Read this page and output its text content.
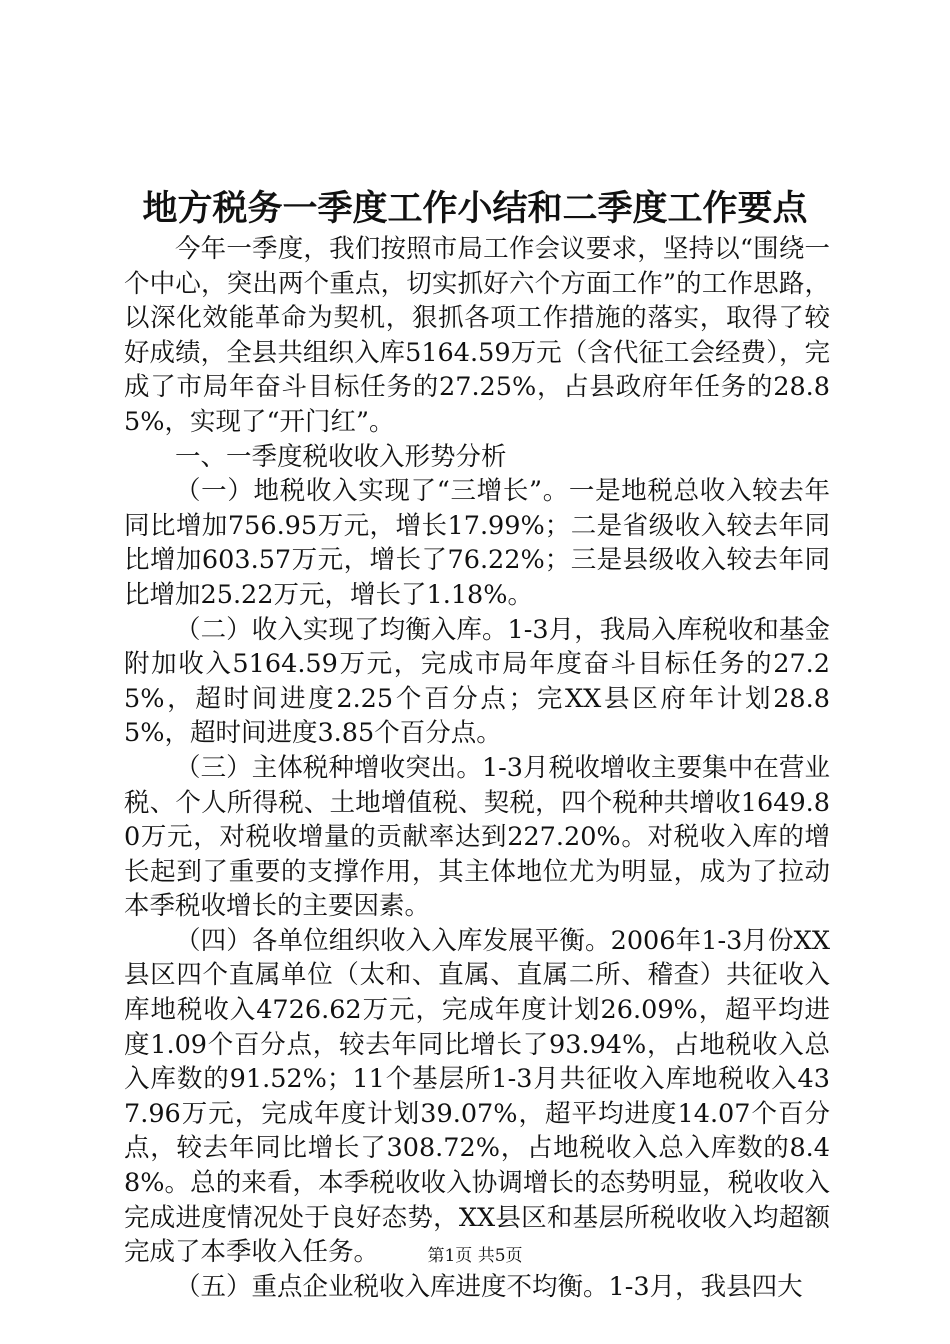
地方税务一季度工作小结和二季度工作要点

今年一季度，我们按照市局工作会议要求，坚持以“围绕一个中心，突出两个重点，切实抓好六个方面工作”的工作思路，以深化效能革命为契机，狠抓各项工作措施的落实，取得了较好成绩，全县共组织入库5164.59万元（含代征工会经费），完成了市局年奋斗目标任务的27.25%，占县政府年任务的28.85%，实现了“开门红”。

一、一季度税收收入形势分析

（一）地税收入实现了“三增长”。一是地税总收入较去年同比增加756.95万元，增长17.99%；二是省级收入较去年同比增加603.57万元，增长了76.22%；三是县级收入较去年同比增加25.22万元，增长了1.18%。

（二）收入实现了均衡入库。1-3月，我局入库税收和基金附加收入5164.59万元，完成市局年度奋斗目标任务的27.25%，超时间进度2.25个百分点；完XX县区府年计划28.85%，超时间进度3.85个百分点。

（三）主体税种增收突出。1-3月税收增收主要集中在营业税、个人所得税、土地增值税、契税，四个税种共增收1649.80万元，对税收增量的贡献率达到227.20%。对税收入库的增长起到了重要的支撑作用，其主体地位尤为明显，成为了拉动本季税收增长的主要因素。

（四）各单位组织收入入库发展平衡。2006年1-3月份XX县区四个直属单位（太和、直属、直属二所、稽查）共征收入库地税收入4726.62万元，完成年度计划26.09%，超平均进度1.09个百分点，较去年同比增长了93.94%，占地税收入总入库数的91.52%；11个基层所1-3月共征收入库地税收入437.96万元，完成年度计划39.07%，超平均进度14.07个百分点，较去年同比增长了308.72%，占地税收入总入库数的8.48%。总的来看，本季税收收入协调增长的态势明显，税收收入完成进度情况处于良好态势，XX县区和基层所税收收入均超额完成了本季收入任务。

（五）重点企业税收入库进度不均衡。1-3月，我县四大

第1页 共5页
